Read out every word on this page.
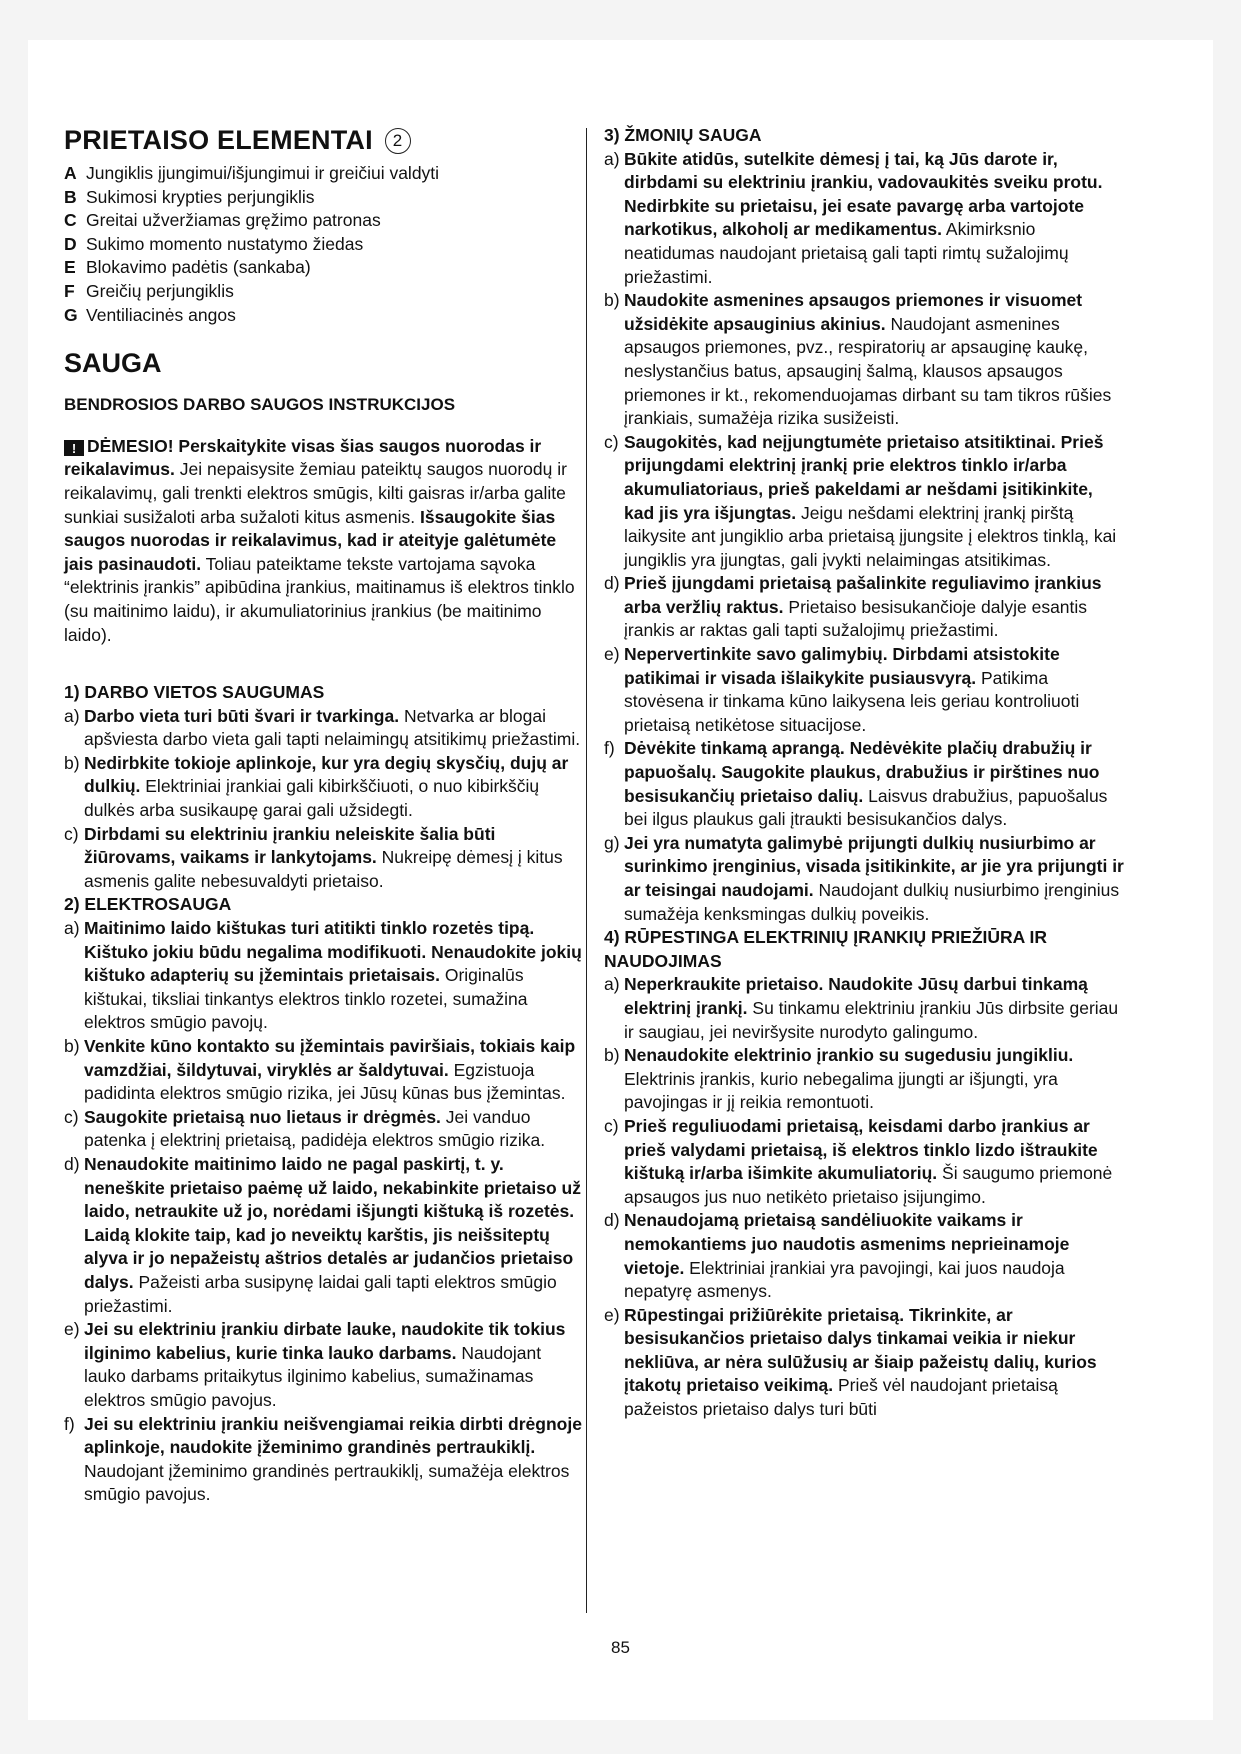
PRIETAISO ELEMENTAI 2
A Jungiklis įjungimui/išjungimui ir greičiui valdyti
B Sukimosi krypties perjungiklis
C Greitai užveržiamas gręžimo patronas
D Sukimo momento nustatymo žiedas
E Blokavimo padėtis (sankaba)
F Greičių perjungiklis
G Ventiliacinės angos
SAUGA
BENDROSIOS DARBO SAUGOS INSTRUKCIJOS
! DĖMESIO! Perskaitykite visas šias saugos nuorodas ir reikalavimus. Jei nepaisysite žemiau pateiktų saugos nuorodų ir reikalavimų, gali trenkti elektros smūgis, kilti gaisras ir/arba galite sunkiai susižaloti arba sužaloti kitus asmenis. Išsaugokite šias saugos nuorodas ir reikalavimus, kad ir ateityje galėtumėte jais pasinaudoti. Toliau pateiktame tekste vartojama sąvoka “elektrinis įrankis” apibūdina įrankius, maitinamus iš elektros tinklo (su maitinimo laidu), ir akumuliatorinius įrankius (be maitinimo laido).
1) DARBO VIETOS SAUGUMAS
a) Darbo vieta turi būti švari ir tvarkinga. Netvarka ar blogai apšviesta darbo vieta gali tapti nelaimingų atsitikimų priežastimi.
b) Nedirbkite tokioje aplinkoje, kur yra degių skysčių, dujų ar dulkių. Elektriniai įrankiai gali kibirkščiuoti, o nuo kibirkščių dulkės arba susikaupę garai gali užsidegti.
c) Dirbdami su elektriniu įrankiu neleiskite šalia būti žiūrovams, vaikams ir lankytojams. Nukreipę dėmesį į kitus asmenis galite nebesuvaldyti prietaiso.
2) ELEKTROSAUGA
a) Maitinimo laido kištukas turi atitikti tinklo rozetės tipą. Kištuko jokiu būdu negalima modifikuoti. Nenaudokite jokių kištuko adapterių su įžemintais prietaisais. Originalūs kištukai, tiksliai tinkantys elektros tinklo rozetei, sumažina elektros smūgio pavojų.
b) Venkite kūno kontakto su įžemintais paviršiais, tokiais kaip vamzdžiai, šildytuvai, viryklės ar šaldytuvai. Egzistuoja padidinta elektros smūgio rizika, jei Jūsų kūnas bus įžemintas.
c) Saugokite prietaisą nuo lietaus ir drėgmės. Jei vanduo patenka į elektrinį prietaisą, padidėja elektros smūgio rizika.
d) Nenaudokite maitinimo laido ne pagal paskirtį, t. y. neneškite prietaiso paėmę už laido, nekabinkite prietaiso už laido, netraukite už jo, norėdami išjungti kištuką iš rozetės. Laidą klokite taip, kad jo neveiktų karštis, jis neišsiteptų alyva ir jo nepažeistų aštrios detalės ar judančios prietaiso dalys. Pažeisti arba susipynę laidai gali tapti elektros smūgio priežastimi.
e) Jei su elektriniu įrankiu dirbate lauke, naudokite tik tokius ilginimo kabelius, kurie tinka lauko darbams. Naudojant lauko darbams pritaikytus ilginimo kabelius, sumažinamas elektros smūgio pavojus.
f) Jei su elektriniu įrankiu neišvengiamai reikia dirbti drėgnoje aplinkoje, naudokite įžeminimo grandinės pertraukiklį. Naudojant įžeminimo grandinės pertraukiklį, sumažėja elektros smūgio pavojus.
3) ŽMONIŲ SAUGA
a) Būkite atidūs, sutelkite dėmesį į tai, ką Jūs darote ir, dirbdami su elektriniu įrankiu, vadovaukitės sveiku protu. Nedirbkite su prietaisu, jei esate pavargę arba vartojote narkotikus, alkoholį ar medikamentus. Akimirksnio neatidumas naudojant prietaisą gali tapti rimtų sužalojimų priežastimi.
b) Naudokite asmenines apsaugos priemones ir visuomet užsidėkite apsauginius akinius. Naudojant asmenines apsaugos priemones, pvz., respiratorių ar apsauginę kaukę, neslystančius batus, apsauginį šalmą, klausos apsaugos priemones ir kt., rekomenduojamas dirbant su tam tikros rūšies įrankiais, sumažėja rizika susižeisti.
c) Saugokitės, kad neįjungtumėte prietaiso atsitiktinai. Prieš prijungdami elektrinį įrankį prie elektros tinklo ir/arba akumuliatoriaus, prieš pakeldami ar nešdami įsitikinkite, kad jis yra išjungtas. Jeigu nešdami elektrinį įrankį pirštą laikysite ant jungiklio arba prietaisą įjungsite į elektros tinklą, kai jungiklis yra įjungtas, gali įvykti nelaimingas atsitikimas.
d) Prieš įjungdami prietaisą pašalinkite reguliavimo įrankius arba veržlių raktus. Prietaiso besisukančioje dalyje esantis įrankis ar raktas gali tapti sužalojimų priežastimi.
e) Nepervertinkite savo galimybių. Dirbdami atsistokite patikimai ir visada išlaikykite pusiausvyrą. Patikima stovėsena ir tinkama kūno laikysena leis geriau kontroliuoti prietaisą netikėtose situacijose.
f) Dėvėkite tinkamą aprangą. Nedėvėkite plačių drabužių ir papuošalų. Saugokite plaukus, drabužius ir pirštines nuo besisukančių prietaiso dalių. Laisvus drabužius, papuošalus bei ilgus plaukus gali įtraukti besisukančios dalys.
g) Jei yra numatyta galimybė prijungti dulkių nusiurbimo ar surinkimo įrenginius, visada įsitikinkite, ar jie yra prijungti ir ar teisingai naudojami. Naudojant dulkių nusiurbimo įrenginius sumažėja kenksmingas dulkių poveikis.
4) RŪPESTINGA ELEKTRINIŲ ĮRANKIŲ PRIEŽIŪRA IR NAUDOJIMAS
a) Neperkraukite prietaiso. Naudokite Jūsų darbui tinkamą elektrinį įrankį. Su tinkamu elektriniu įrankiu Jūs dirbsite geriau ir saugiau, jei neviršysite nurodyto galingumo.
b) Nenaudokite elektrinio įrankio su sugedusiu jungikliu. Elektrinis įrankis, kurio nebegalima įjungti ar išjungti, yra pavojingas ir jį reikia remontuoti.
c) Prieš reguliuodami prietaisą, keisdami darbo įrankius ar prieš valydami prietaisą, iš elektros tinklo lizdo ištraukite kištuką ir/arba išimkite akumuliatorių. Ši saugumo priemonė apsaugos jus nuo netikėto prietaiso įsijungimo.
d) Nenaudojamą prietaisą sandėliuokite vaikams ir nemokantiems juo naudotis asmenims neprieinamoje vietoje. Elektriniai įrankiai yra pavojingi, kai juos naudoja nepatyrę asmenys.
e) Rūpestingai prižiūrėkite prietaisą. Tikrinkite, ar besisukančios prietaiso dalys tinkamai veikia ir niekur nekliūva, ar nėra sulūžusių ar šiaip pažeistų dalių, kurios įtakotų prietaiso veikimą. Prieš vėl naudojant prietaisą pažeistos prietaiso dalys turi būti
85
